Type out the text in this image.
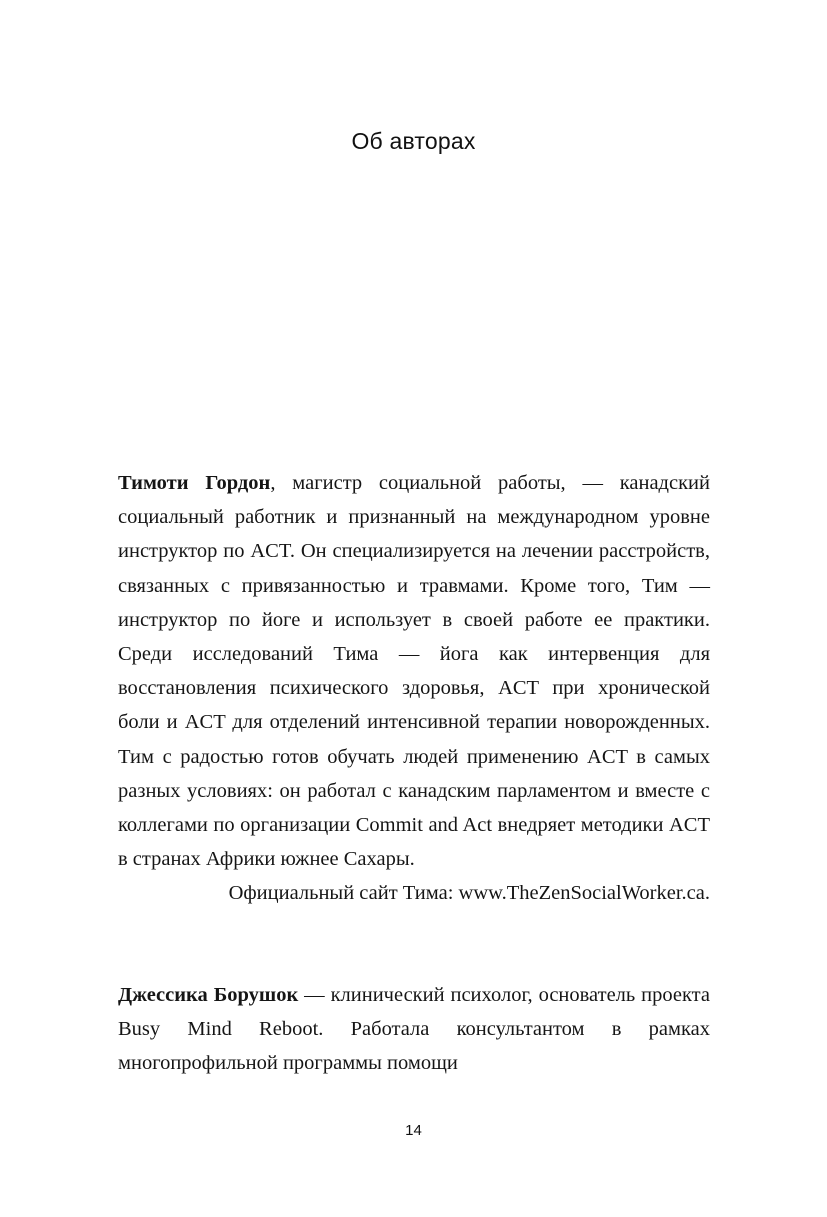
Об авторах

Тимоти Гордон, магистр социальной работы, — канадский социальный работник и признанный на международном уровне инструктор по ACT. Он специализируется на лечении расстройств, связанных с привязанностью и травмами. Кроме того, Тим — инструктор по йоге и использует в своей работе ее практики. Среди исследований Тима — йога как интервенция для восстановления психического здоровья, ACT при хронической боли и ACT для отделений интенсивной терапии новорожденных. Тим с радостью готов обучать людей применению ACT в самых разных условиях: он работал с канадским парламентом и вместе с коллегами по организации Commit and Act внедряет методики ACT в странах Африки южнее Сахары.

Официальный сайт Тима: www.TheZenSocialWorker.ca.

Джессика Борушок — клинический психолог, основатель проекта Busy Mind Reboot. Работала консультантом в рамках многопрофильной программы помощи

14
